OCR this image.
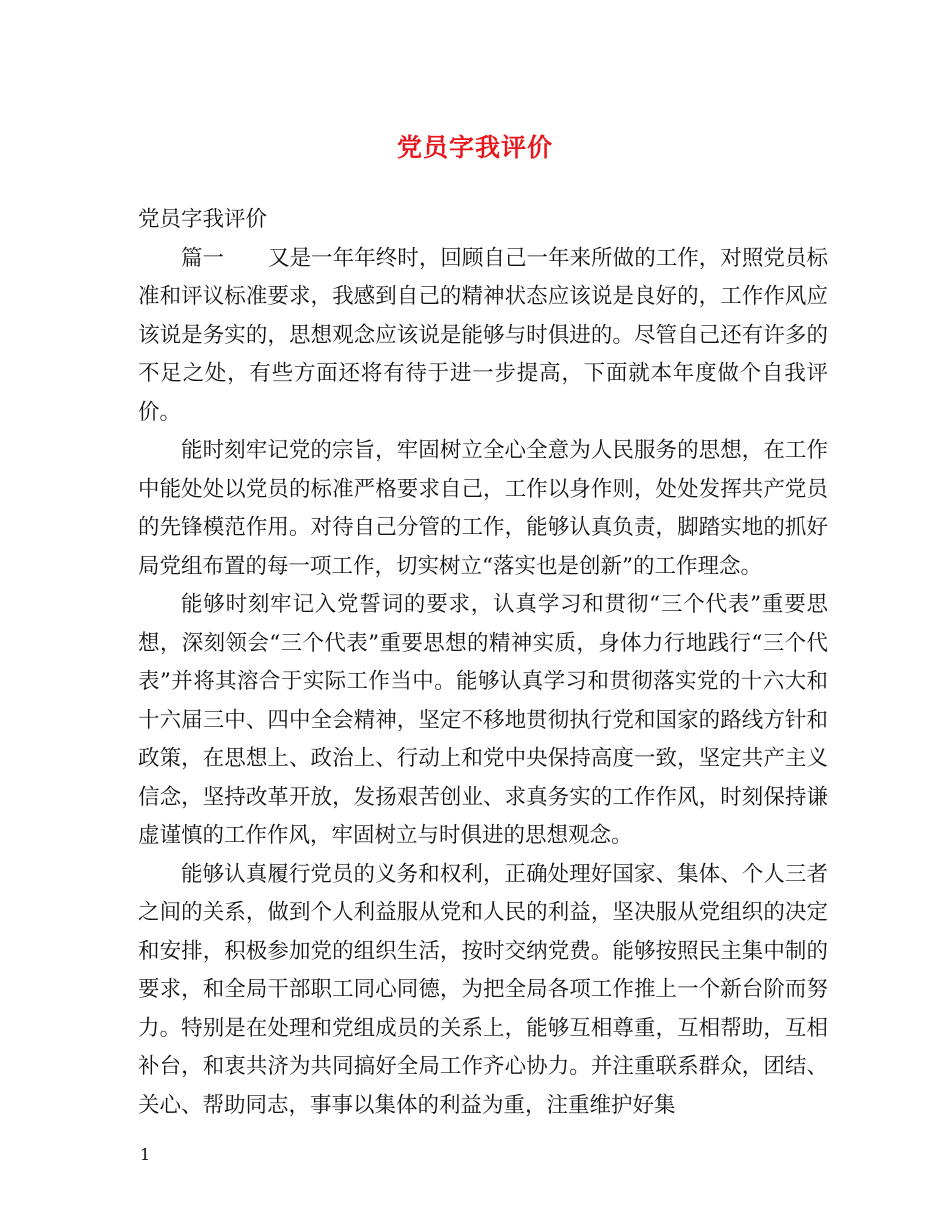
党员字我评价

党员字我评价

篇一 又是一年年终时，回顾自己一年来所做的工作，对照党员标准和评议标准要求，我感到自己的精神状态应该说是良好的，工作作风应该说是务实的，思想观念应该说是能够与时俱进的。尽管自己还有许多的不足之处，有些方面还将有待于进一步提高，下面就本年度做个自我评价。

能时刻牢记党的宗旨，牢固树立全心全意为人民服务的思想，在工作中能处处以党员的标准严格要求自己，工作以身作则，处处发挥共产党员的先锋模范作用。对待自己分管的工作，能够认真负责，脚踏实地的抓好局党组布置的每一项工作，切实树立“落实也是创新”的工作理念。

能够时刻牢记入党誓词的要求，认真学习和贯彻“三个代表”重要思想，深刻领会“三个代表”重要思想的精神实质，身体力行地践行“三个代表”并将其溶合于实际工作当中。能够认真学习和贯彻落实党的十六大和十六届三中、四中全会精神，坚定不移地贯彻执行党和国家的路线方针和政策，在思想上、政治上、行动上和党中央保持高度一致，坚定共产主义信念，坚持改革开放，发扬艰苦创业、求真务实的工作作风，时刻保持谦虚谨慎的工作作风，牢固树立与时俱进的思想观念。

能够认真履行党员的义务和权利，正确处理好国家、集体、个人三者之间的关系，做到个人利益服从党和人民的利益，坚决服从党组织的决定和安排，积极参加党的组织生活，按时交纳党费。能够按照民主集中制的要求，和全局干部职工同心同德，为把全局各项工作推上一个新台阶而努力。特别是在处理和党组成员的关系上，能够互相尊重，互相帮助，互相补台，和衷共济为共同搞好全局工作齐心协力。并注重联系群众，团结、关心、帮助同志，事事以集体的利益为重，注重维护好集

1
